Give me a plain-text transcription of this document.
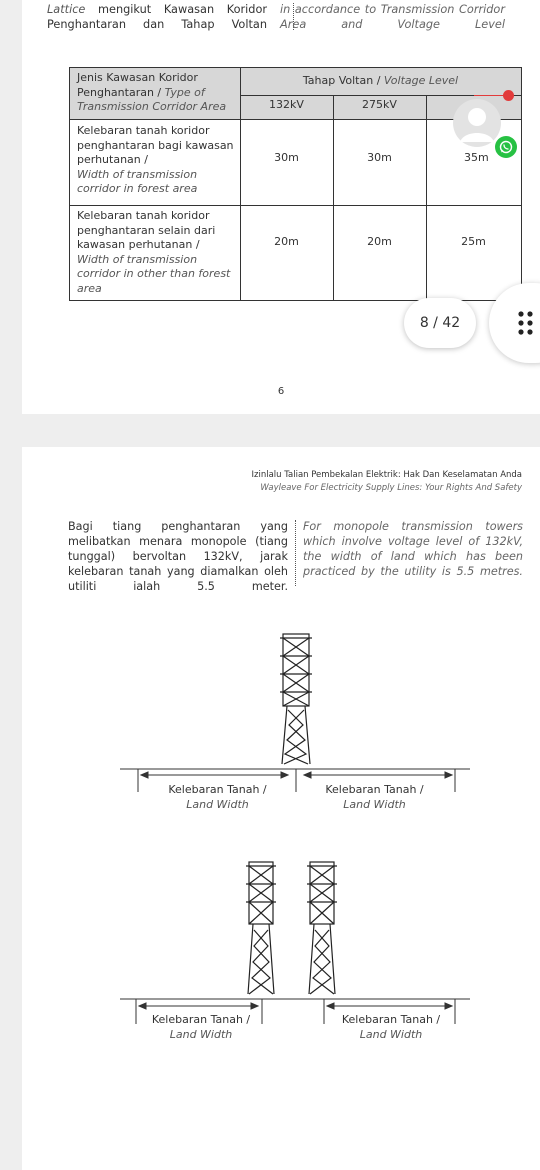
Lattice mengikut Kawasan Koridor
Penghantaran dan Tahap Voltan
in accordance to Transmission Corridor
Area and Voltage Level
Jenis Kawasan Koridor Penghantaran / Type of
Transmission Corridor Area
Tahap Voltan / Voltage Level
132kV	275kV
Kelebaran tanah koridor penghantaran bagi kawasan perhutanan /
Width of transmission corridor in forest area
30m	30m	35m
Kelebaran tanah koridor penghantaran selain dari kawasan perhutanan /
Width of transmission corridor in other than forest area
20m	20m	25m
8 / 42
6
Izinlalu Talian Pembekalan Elektrik: Hak Dan Keselamatan Anda
Wayleave For Electricity Supply Lines: Your Rights And Safety
Bagi tiang penghantaran yang melibatkan menara monopole (tiang tunggal) bervoltan 132kV, jarak kelebaran tanah yang diamalkan oleh utiliti ialah 5.5 meter.
For monopole transmission towers which involve voltage level of 132kV, the width of land which has been practiced by the utility is 5.5 metres.
Kelebaran Tanah /
Land Width
Kelebaran Tanah /
Land Width
Kelebaran Tanah /
Land Width
Kelebaran Tanah /
Land Width
